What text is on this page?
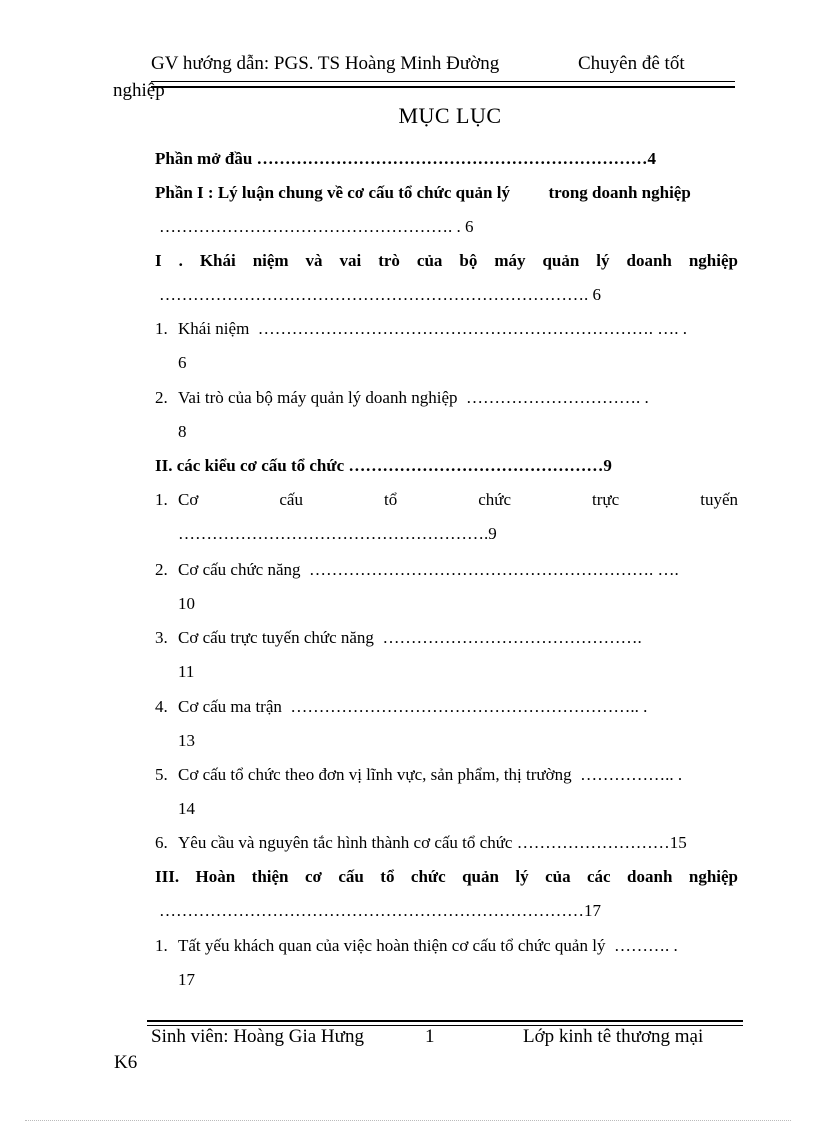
GV hướng dẫn: PGS. TS Hoàng Minh Đường	Chuyên đê tốt
nghiệp
MỤC LỤC
Phần mở đầu ……………………………………………………………4
Phần I : Lý luận chung về cơ cấu tổ chức quản lý trong doanh nghiệp
……………………………………………. . 6
I . Khái niệm và vai trò của bộ máy quản lý doanh nghiệp
…………………………………………………………………. 6
1. Khái niệm ……………………………………………………………. …. .
6
2. Vai trò của bộ máy quản lý doanh nghiệp …………………………. .
8
II. các kiểu cơ cấu tổ chức ………………………………………9
1. Cơ	cấu	tổ	chức	trực	tuyến
……………………………………………….9
2. Cơ cấu chức năng ……………………………………………………. ….
10
3. Cơ cấu trực tuyến chức năng ……………………………………….
11
4. Cơ cấu ma trận …………………………………………………….. .
13
5. Cơ cấu tổ chức theo đơn vị lĩnh vực, sản phẩm, thị trường …………….. .
14
6. Yêu cầu và nguyên tắc hình thành cơ cấu tổ chức ………………………15
III. Hoàn thiện cơ cấu tổ chức quản lý của các doanh nghiệp
…………………………………………………………………17
1. Tất yếu khách quan của việc hoàn thiện cơ cấu tổ chức quản lý ………. .
17
Sinh viên: Hoàng Gia Hưng	1	Lớp kinh tê thương mại
K6
